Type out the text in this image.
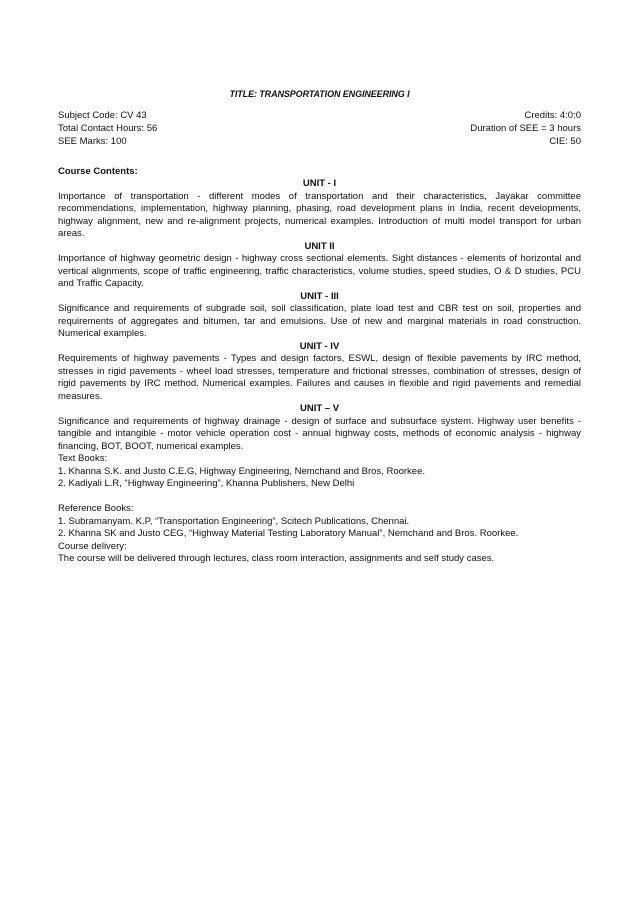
TITLE: TRANSPORTATION ENGINEERING I
Subject Code: CV 43	Credits: 4:0:0
Total Contact Hours: 56	Duration of SEE = 3 hours
SEE Marks: 100	CIE: 50
Course Contents:
UNIT - I
Importance of transportation - different modes of transportation and their characteristics, Jayakar committee recommendations, implementation, highway planning, phasing, road development plans in India, recent developments, highway alignment, new and re-alignment projects, numerical examples. Introduction of multi model transport for urban areas.
UNIT II
Importance of highway geometric design - highway cross sectional elements. Sight distances - elements of horizontal and vertical alignments, scope of traffic engineering, traffic characteristics, volume studies, speed studies, O & D studies, PCU and Traffic Capacity.
UNIT - III
Significance and requirements of subgrade soil, soil classification, plate load test and CBR test on soil, properties and requirements of aggregates and bitumen, tar and emulsions. Use of new and marginal materials in road construction. Numerical examples.
UNIT - IV
Requirements of highway pavements - Types and design factors, ESWL, design of flexible pavements by IRC method, stresses in rigid pavements - wheel load stresses, temperature and frictional stresses, combination of stresses, design of rigid pavements by IRC method. Numerical examples. Failures and causes in flexible and rigid pavements and remedial measures.
UNIT – V
Significance and requirements of highway drainage - design of surface and subsurface system. Highway user benefits - tangible and intangible - motor vehicle operation cost - annual highway costs, methods of economic analysis - highway financing, BOT, BOOT, numerical examples.
Text Books:
1. Khanna S.K. and Justo C.E.G, Highway Engineering, Nemchand and Bros, Roorkee.
2. Kadiyali L.R, “Highway Engineering”, Khanna Publishers, New Delhi
Reference Books:
1. Subramanyam. K.P, “Transportation Engineering”, Scitech Publications, Chennai.
2. Khanna SK and Justo CEG, “Highway Material Testing Laboratory Manual”, Nemchand and Bros. Roorkee.
Course delivery:
The course will be delivered through lectures, class room interaction, assignments and self study cases.
